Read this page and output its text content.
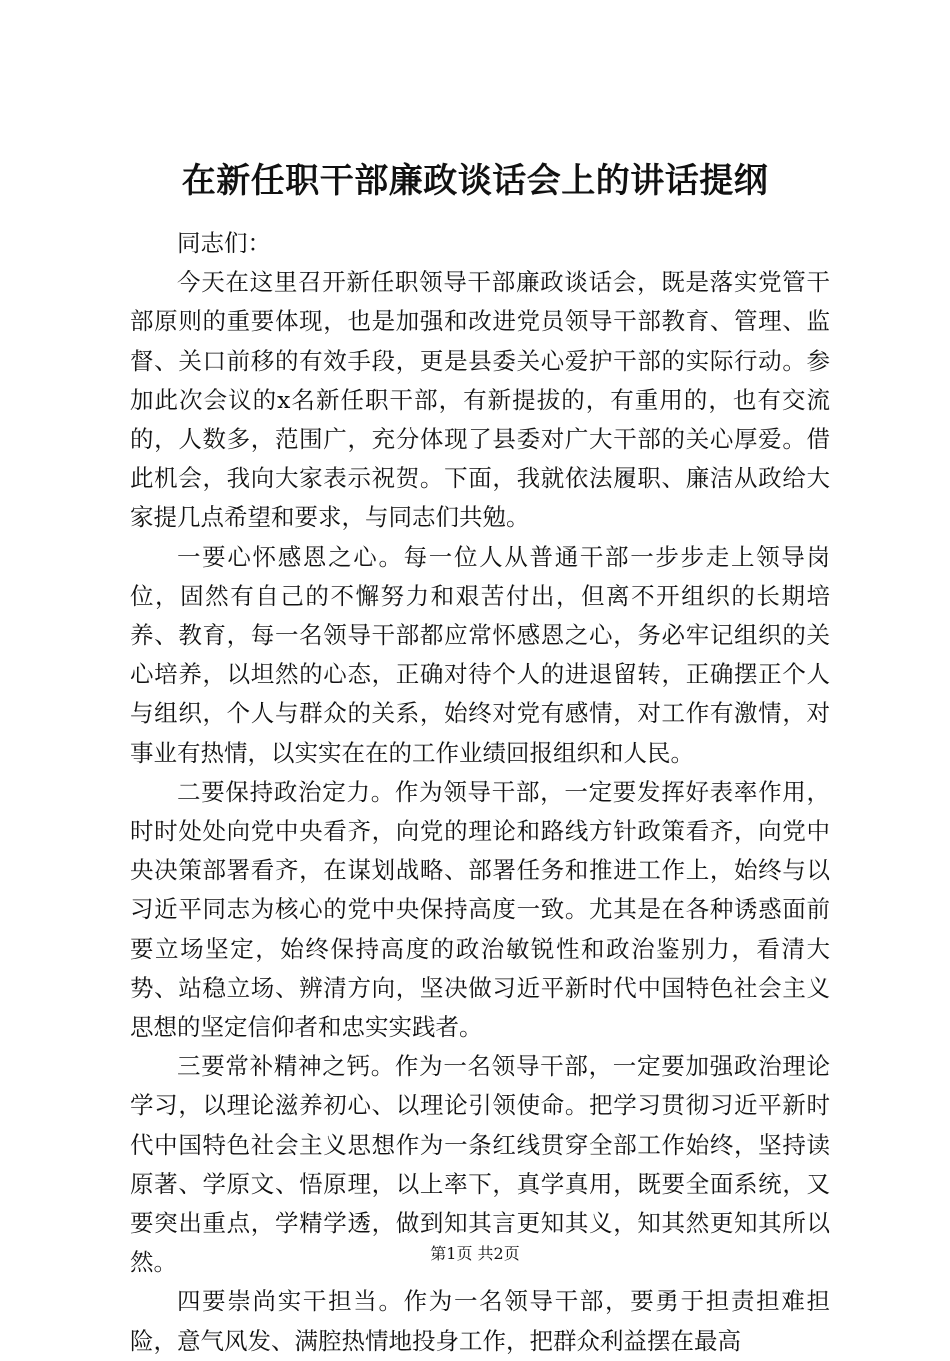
在新任职干部廉政谈话会上的讲话提纲

同志们：

今天在这里召开新任职领导干部廉政谈话会，既是落实党管干部原则的重要体现，也是加强和改进党员领导干部教育、管理、监督、关口前移的有效手段，更是县委关心爱护干部的实际行动。参加此次会议的x名新任职干部，有新提拔的，有重用的，也有交流的，人数多，范围广，充分体现了县委对广大干部的关心厚爱。借此机会，我向大家表示祝贺。下面，我就依法履职、廉洁从政给大家提几点希望和要求，与同志们共勉。

一要心怀感恩之心。每一位人从普通干部一步步走上领导岗位，固然有自己的不懈努力和艰苦付出，但离不开组织的长期培养、教育，每一名领导干部都应常怀感恩之心，务必牢记组织的关心培养，以坦然的心态，正确对待个人的进退留转，正确摆正个人与组织，个人与群众的关系，始终对党有感情，对工作有激情，对事业有热情，以实实在在的工作业绩回报组织和人民。

二要保持政治定力。作为领导干部，一定要发挥好表率作用，时时处处向党中央看齐，向党的理论和路线方针政策看齐，向党中央决策部署看齐，在谋划战略、部署任务和推进工作上，始终与以习近平同志为核心的党中央保持高度一致。尤其是在各种诱惑面前要立场坚定，始终保持高度的政治敏锐性和政治鉴别力，看清大势、站稳立场、辨清方向，坚决做习近平新时代中国特色社会主义思想的坚定信仰者和忠实实践者。

三要常补精神之钙。作为一名领导干部，一定要加强政治理论学习，以理论滋养初心、以理论引领使命。把学习贯彻习近平新时代中国特色社会主义思想作为一条红线贯穿全部工作始终，坚持读原著、学原文、悟原理，以上率下，真学真用，既要全面系统，又要突出重点，学精学透，做到知其言更知其义，知其然更知其所以然。

四要崇尚实干担当。作为一名领导干部，要勇于担责担难担险，意气风发、满腔热情地投身工作，把群众利益摆在最高

第1页 共2页
